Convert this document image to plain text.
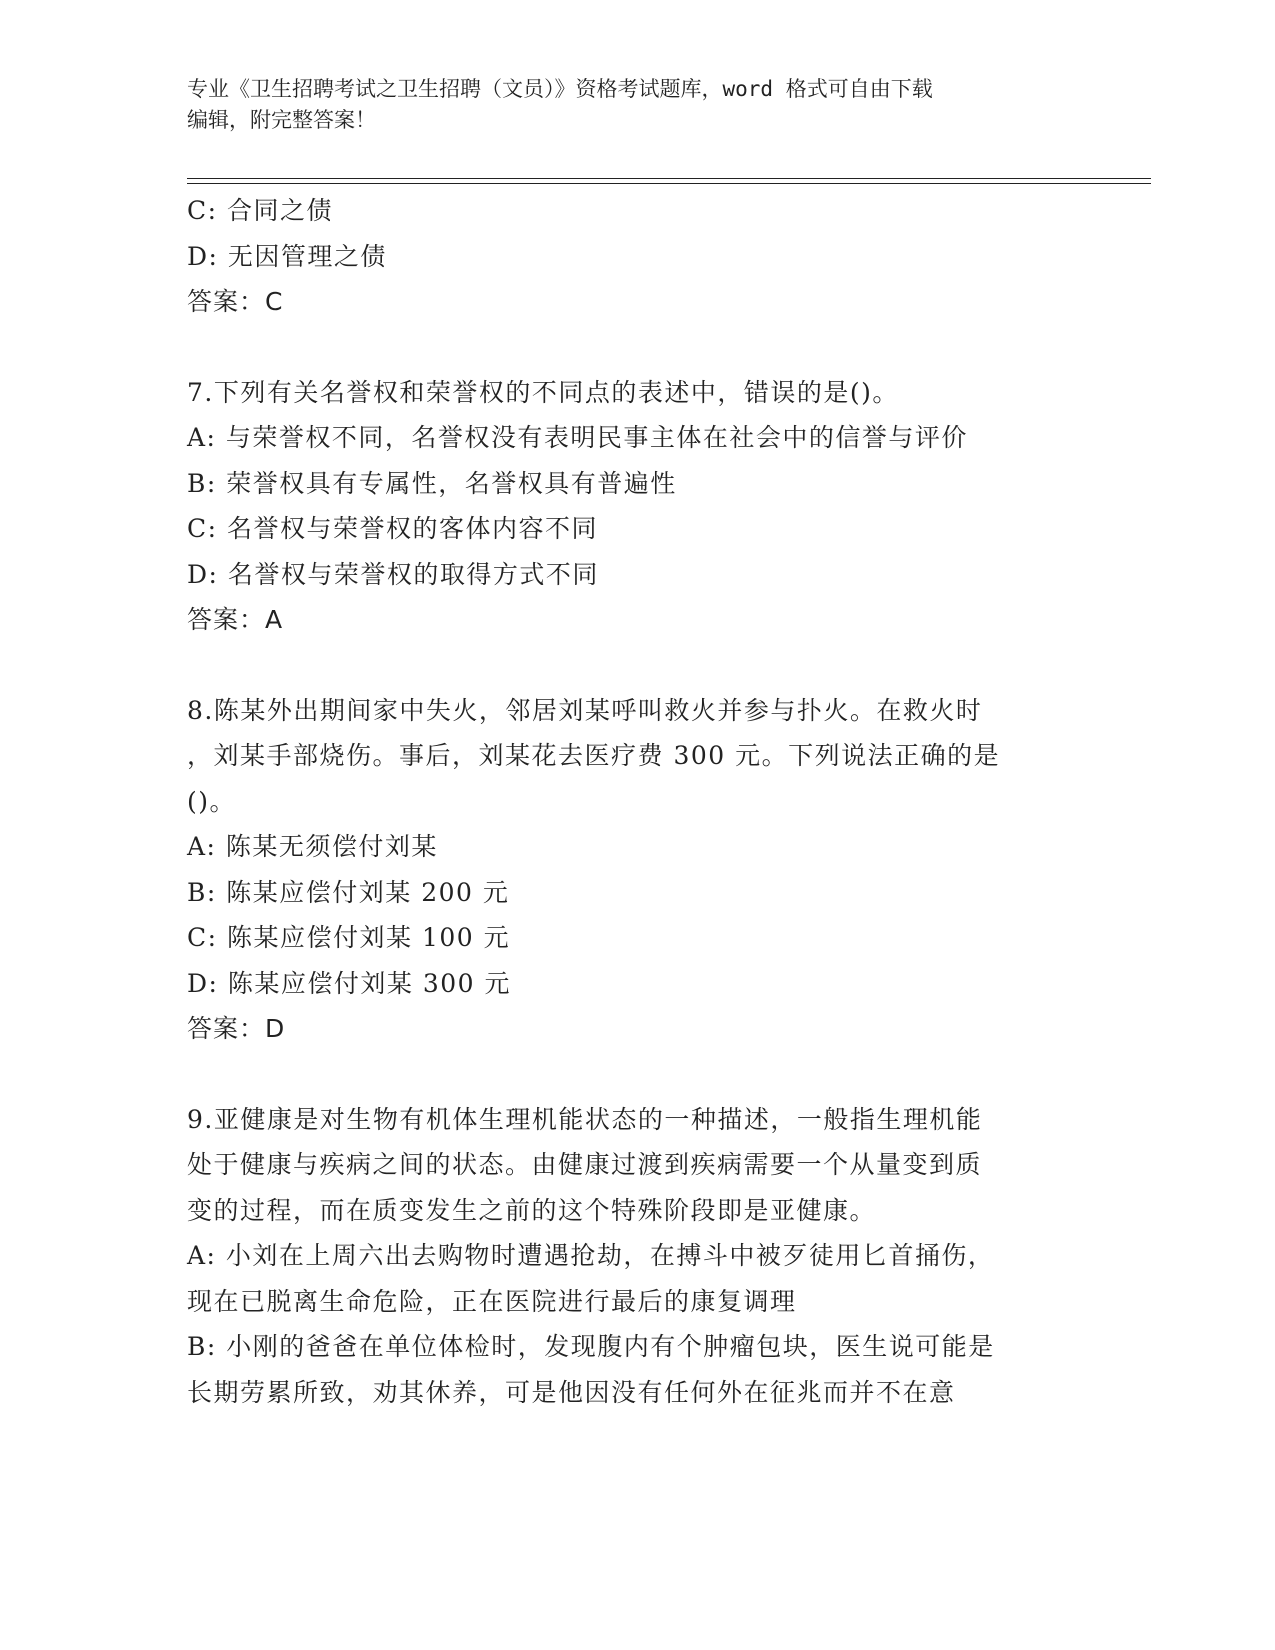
专业《卫生招聘考试之卫生招聘（文员）》资格考试题库，word 格式可自由下载
编辑，附完整答案！
C: 合同之债
D: 无因管理之债
答案：C
7.下列有关名誉权和荣誉权的不同点的表述中，错误的是()。
A: 与荣誉权不同，名誉权没有表明民事主体在社会中的信誉与评价
B: 荣誉权具有专属性，名誉权具有普遍性
C: 名誉权与荣誉权的客体内容不同
D: 名誉权与荣誉权的取得方式不同
答案：A
8.陈某外出期间家中失火，邻居刘某呼叫救火并参与扑火。在救火时
，刘某手部烧伤。事后，刘某花去医疗费 300 元。下列说法正确的是
()。
A: 陈某无须偿付刘某
B: 陈某应偿付刘某 200 元
C: 陈某应偿付刘某 100 元
D: 陈某应偿付刘某 300 元
答案：D
9.亚健康是对生物有机体生理机能状态的一种描述，一般指生理机能
处于健康与疾病之间的状态。由健康过渡到疾病需要一个从量变到质
变的过程，而在质变发生之前的这个特殊阶段即是亚健康。
A: 小刘在上周六出去购物时遭遇抢劫，在搏斗中被歹徒用匕首捅伤，
现在已脱离生命危险，正在医院进行最后的康复调理
B: 小刚的爸爸在单位体检时，发现腹内有个肿瘤包块，医生说可能是
长期劳累所致，劝其休养，可是他因没有任何外在征兆而并不在意
